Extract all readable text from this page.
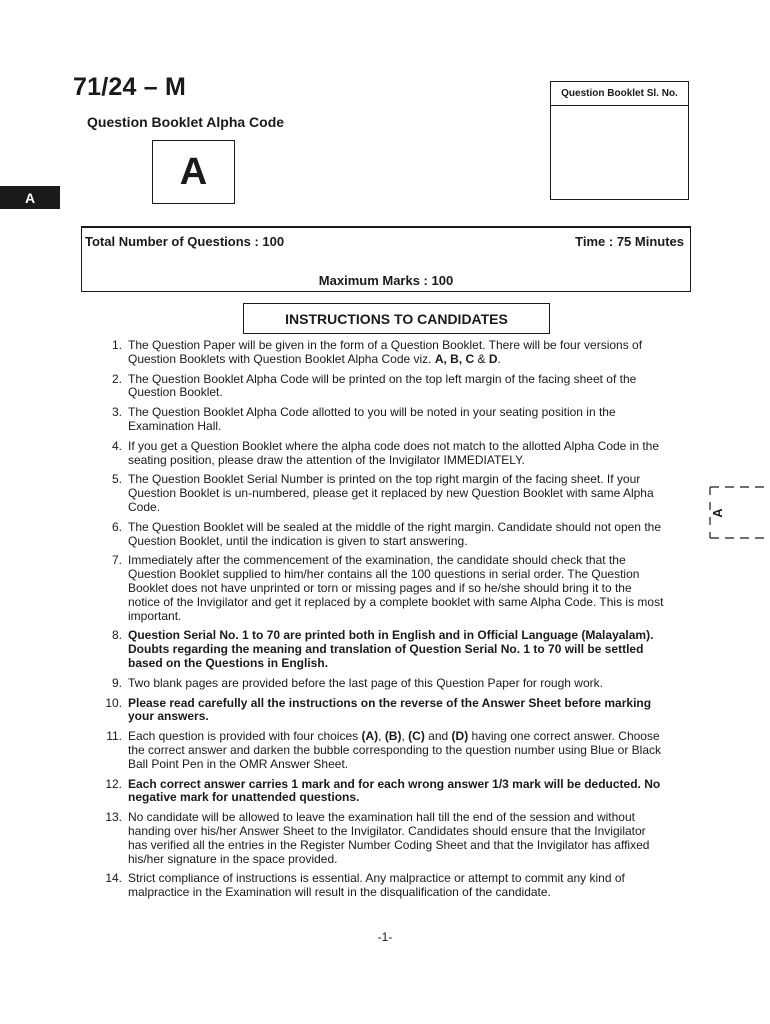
71/24 – M
Question Booklet Alpha Code
A
A
Question Booklet Sl. No.
Total Number of Questions : 100	Time : 75 Minutes
Maximum Marks : 100
INSTRUCTIONS TO CANDIDATES
1. The Question Paper will be given in the form of a Question Booklet. There will be four versions of Question Booklets with Question Booklet Alpha Code viz. A, B, C & D.
2. The Question Booklet Alpha Code will be printed on the top left margin of the facing sheet of the Question Booklet.
3. The Question Booklet Alpha Code allotted to you will be noted in your seating position in the Examination Hall.
4. If you get a Question Booklet where the alpha code does not match to the allotted Alpha Code in the seating position, please draw the attention of the Invigilator IMMEDIATELY.
5. The Question Booklet Serial Number is printed on the top right margin of the facing sheet. If your Question Booklet is un-numbered, please get it replaced by new Question Booklet with same Alpha Code.
6. The Question Booklet will be sealed at the middle of the right margin. Candidate should not open the Question Booklet, until the indication is given to start answering.
7. Immediately after the commencement of the examination, the candidate should check that the Question Booklet supplied to him/her contains all the 100 questions in serial order. The Question Booklet does not have unprinted or torn or missing pages and if so he/she should bring it to the notice of the Invigilator and get it replaced by a complete booklet with same Alpha Code. This is most important.
8. Question Serial No. 1 to 70 are printed both in English and in Official Language (Malayalam). Doubts regarding the meaning and translation of Question Serial No. 1 to 70 will be settled based on the Questions in English.
9. Two blank pages are provided before the last page of this Question Paper for rough work.
10. Please read carefully all the instructions on the reverse of the Answer Sheet before marking your answers.
11. Each question is provided with four choices (A), (B), (C) and (D) having one correct answer. Choose the correct answer and darken the bubble corresponding to the question number using Blue or Black Ball Point Pen in the OMR Answer Sheet.
12. Each correct answer carries 1 mark and for each wrong answer 1/3 mark will be deducted. No negative mark for unattended questions.
13. No candidate will be allowed to leave the examination hall till the end of the session and without handing over his/her Answer Sheet to the Invigilator. Candidates should ensure that the Invigilator has verified all the entries in the Register Number Coding Sheet and that the Invigilator has affixed his/her signature in the space provided.
14. Strict compliance of instructions is essential. Any malpractice or attempt to commit any kind of malpractice in the Examination will result in the disqualification of the candidate.
-1-
A
